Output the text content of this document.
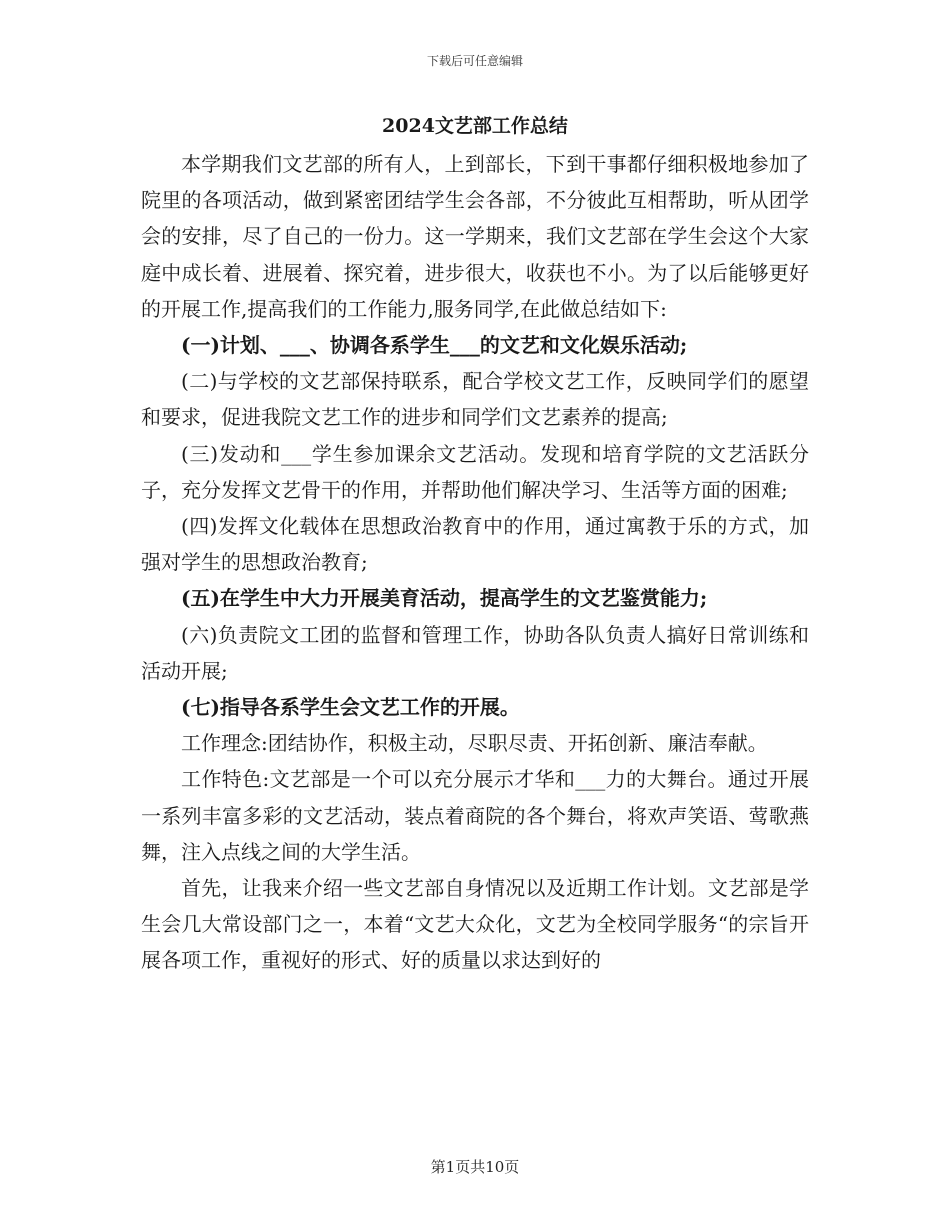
下载后可任意编辑
2024文艺部工作总结

本学期我们文艺部的所有人，上到部长，下到干事都仔细积极地参加了院里的各项活动，做到紧密团结学生会各部，不分彼此互相帮助，听从团学会的安排，尽了自己的一份力。这一学期来，我们文艺部在学生会这个大家庭中成长着、进展着、探究着，进步很大，收获也不小。为了以后能够更好的开展工作,提高我们的工作能力,服务同学,在此做总结如下:

(一)计划、___、协调各系学生___的文艺和文化娱乐活动;

(二)与学校的文艺部保持联系，配合学校文艺工作，反映同学们的愿望和要求，促进我院文艺工作的进步和同学们文艺素养的提高;

(三)发动和___学生参加课余文艺活动。发现和培育学院的文艺活跃分子，充分发挥文艺骨干的作用，并帮助他们解决学习、生活等方面的困难;

(四)发挥文化载体在思想政治教育中的作用，通过寓教于乐的方式，加强对学生的思想政治教育;

(五)在学生中大力开展美育活动，提高学生的文艺鉴赏能力;

(六)负责院文工团的监督和管理工作，协助各队负责人搞好日常训练和活动开展;

(七)指导各系学生会文艺工作的开展。

工作理念:团结协作，积极主动，尽职尽责、开拓创新、廉洁奉献。

工作特色:文艺部是一个可以充分展示才华和___力的大舞台。通过开展一系列丰富多彩的文艺活动，装点着商院的各个舞台，将欢声笑语、莺歌燕舞，注入点线之间的大学生活。

首先，让我来介绍一些文艺部自身情况以及近期工作计划。文艺部是学生会几大常设部门之一，本着“文艺大众化，文艺为全校同学服务“的宗旨开展各项工作，重视好的形式、好的质量以求达到好的

第1页共10页
